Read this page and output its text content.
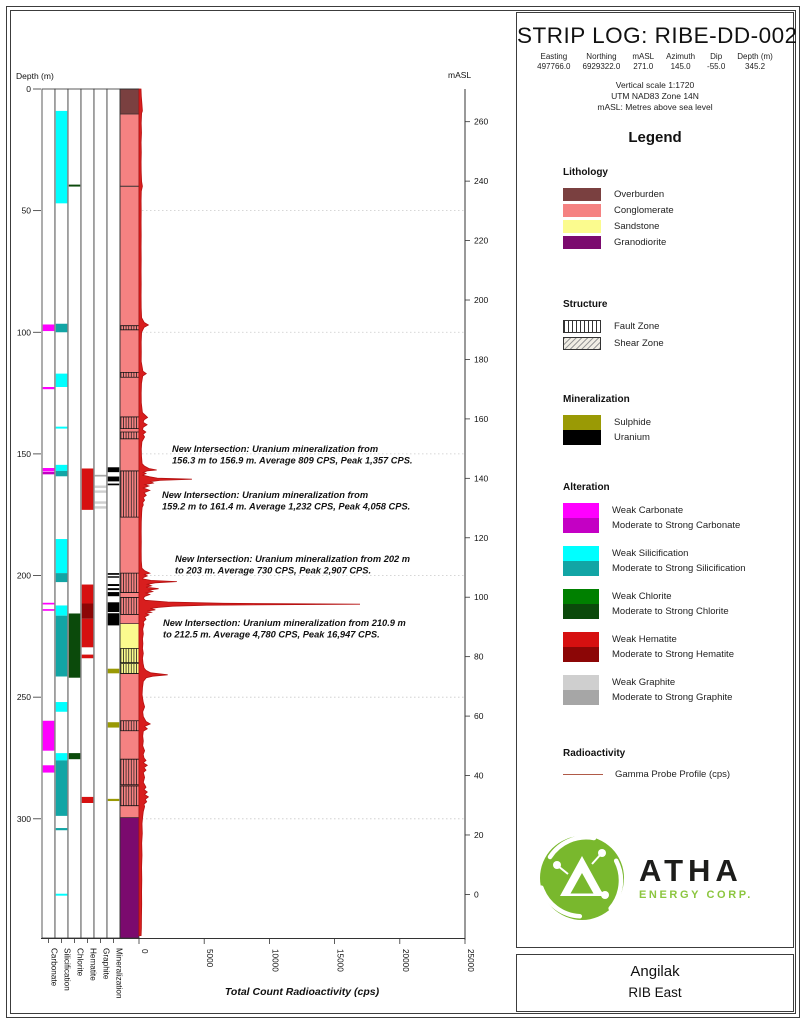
Depth (m)
0
50
100
150
200
250
300
mASL
260
240
220
200
180
160
140
120
100
80
60
40
20
0
0	5000	10000	15000	20000	25000
Total Count Radioactivity (cps)
Carbonate Silicification Chlorite Hematite Graphite Mineralization
New Intersection: Uranium mineralization from
156.3 m to 156.9 m. Average 809 CPS, Peak 1,357 CPS.
New Intersection: Uranium mineralization from
159.2 m to 161.4 m. Average 1,232 CPS, Peak 4,058 CPS.
New Intersection: Uranium mineralization from 202 m
to 203 m. Average 730 CPS, Peak 2,907 CPS.
New Intersection: Uranium mineralization from 210.9 m
to 212.5 m. Average 4,780 CPS, Peak 16,947 CPS.
STRIP LOG: RIBE-DD-002
Easting
497766.0
Northing
6929322.0
mASL
271.0
Azimuth
145.0
Dip
-55.0
Depth (m)
345.2
Vertical scale 1:1720
UTM NAD83 Zone 14N
mASL: Metres above sea level
Legend
Lithology
Overburden
Conglomerate
Sandstone
Granodiorite
Structure
Fault Zone
Shear Zone
Mineralization
Sulphide
Uranium
Alteration
Weak Carbonate
Moderate to Strong Carbonate
Weak Silicification
Moderate to Strong Silicification
Weak Chlorite
Moderate to Strong Chlorite
Weak Hematite
Moderate to Strong Hematite
Weak Graphite
Moderate to Strong Graphite
Radioactivity
Gamma Probe Profile (cps)
ATHA
ENERGY CORP.
Angilak
RIB East
